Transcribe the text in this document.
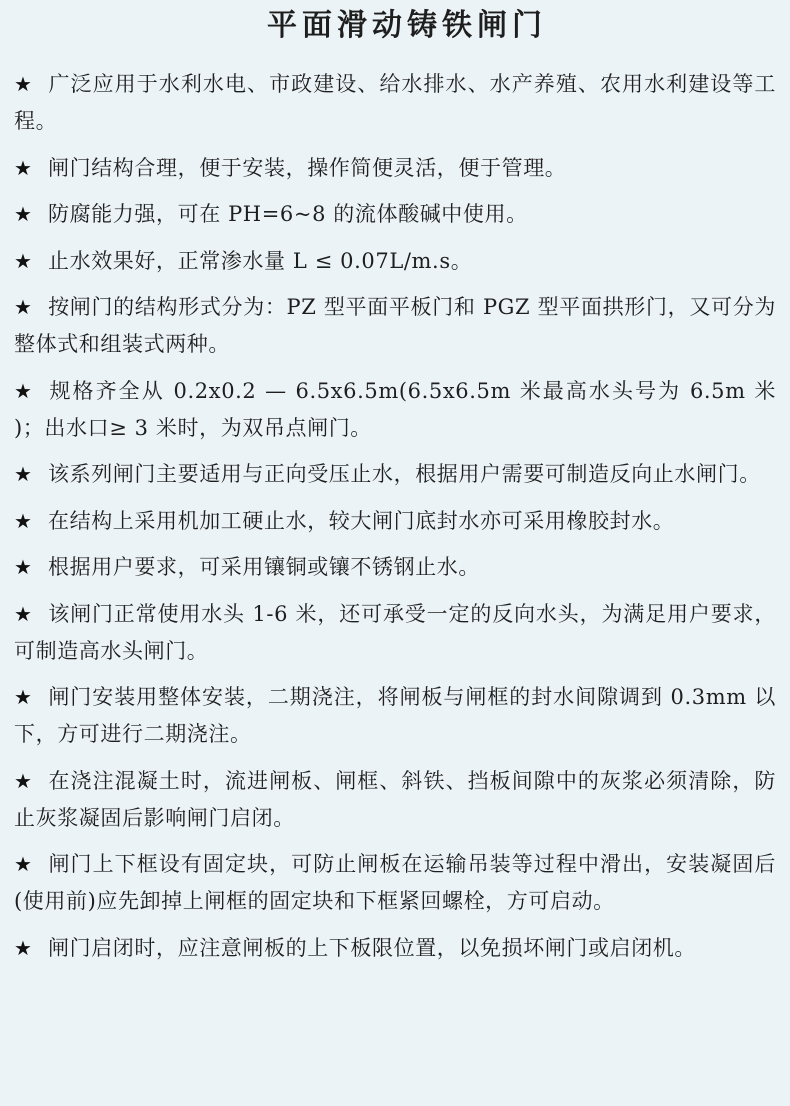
平面滑动铸铁闸门
★ 广泛应用于水利水电、市政建设、给水排水、水产养殖、农用水利建设等工程。
★ 闸门结构合理，便于安装，操作简便灵活，便于管理。
★ 防腐能力强，可在 PH=6~8 的流体酸碱中使用。
★ 止水效果好，正常渗水量 L ≤ 0.07L/m.s。
★ 按闸门的结构形式分为：PZ 型平面平板门和 PGZ 型平面拱形门，又可分为整体式和组装式两种。
★ 规格齐全从 0.2x0.2 — 6.5x6.5m(6.5x6.5m 米最高水头号为 6.5m 米 )；出水口≥ 3 米时，为双吊点闸门。
★ 该系列闸门主要适用与正向受压止水，根据用户需要可制造反向止水闸门。
★ 在结构上采用机加工硬止水，较大闸门底封水亦可采用橡胶封水。
★ 根据用户要求，可采用镶铜或镶不锈钢止水。
★ 该闸门正常使用水头 1-6 米，还可承受一定的反向水头，为满足用户要求，可制造高水头闸门。
★ 闸门安装用整体安装，二期浇注，将闸板与闸框的封水间隙调到 0.3mm 以下，方可进行二期浇注。
★ 在浇注混凝土时，流进闸板、闸框、斜铁、挡板间隙中的灰浆必须清除，防止灰浆凝固后影响闸门启闭。
★ 闸门上下框设有固定块，可防止闸板在运输吊装等过程中滑出，安装凝固后(使用前)应先卸掉上闸框的固定块和下框紧回螺栓，方可启动。
★ 闸门启闭时，应注意闸板的上下板限位置，以免损坏闸门或启闭机。
